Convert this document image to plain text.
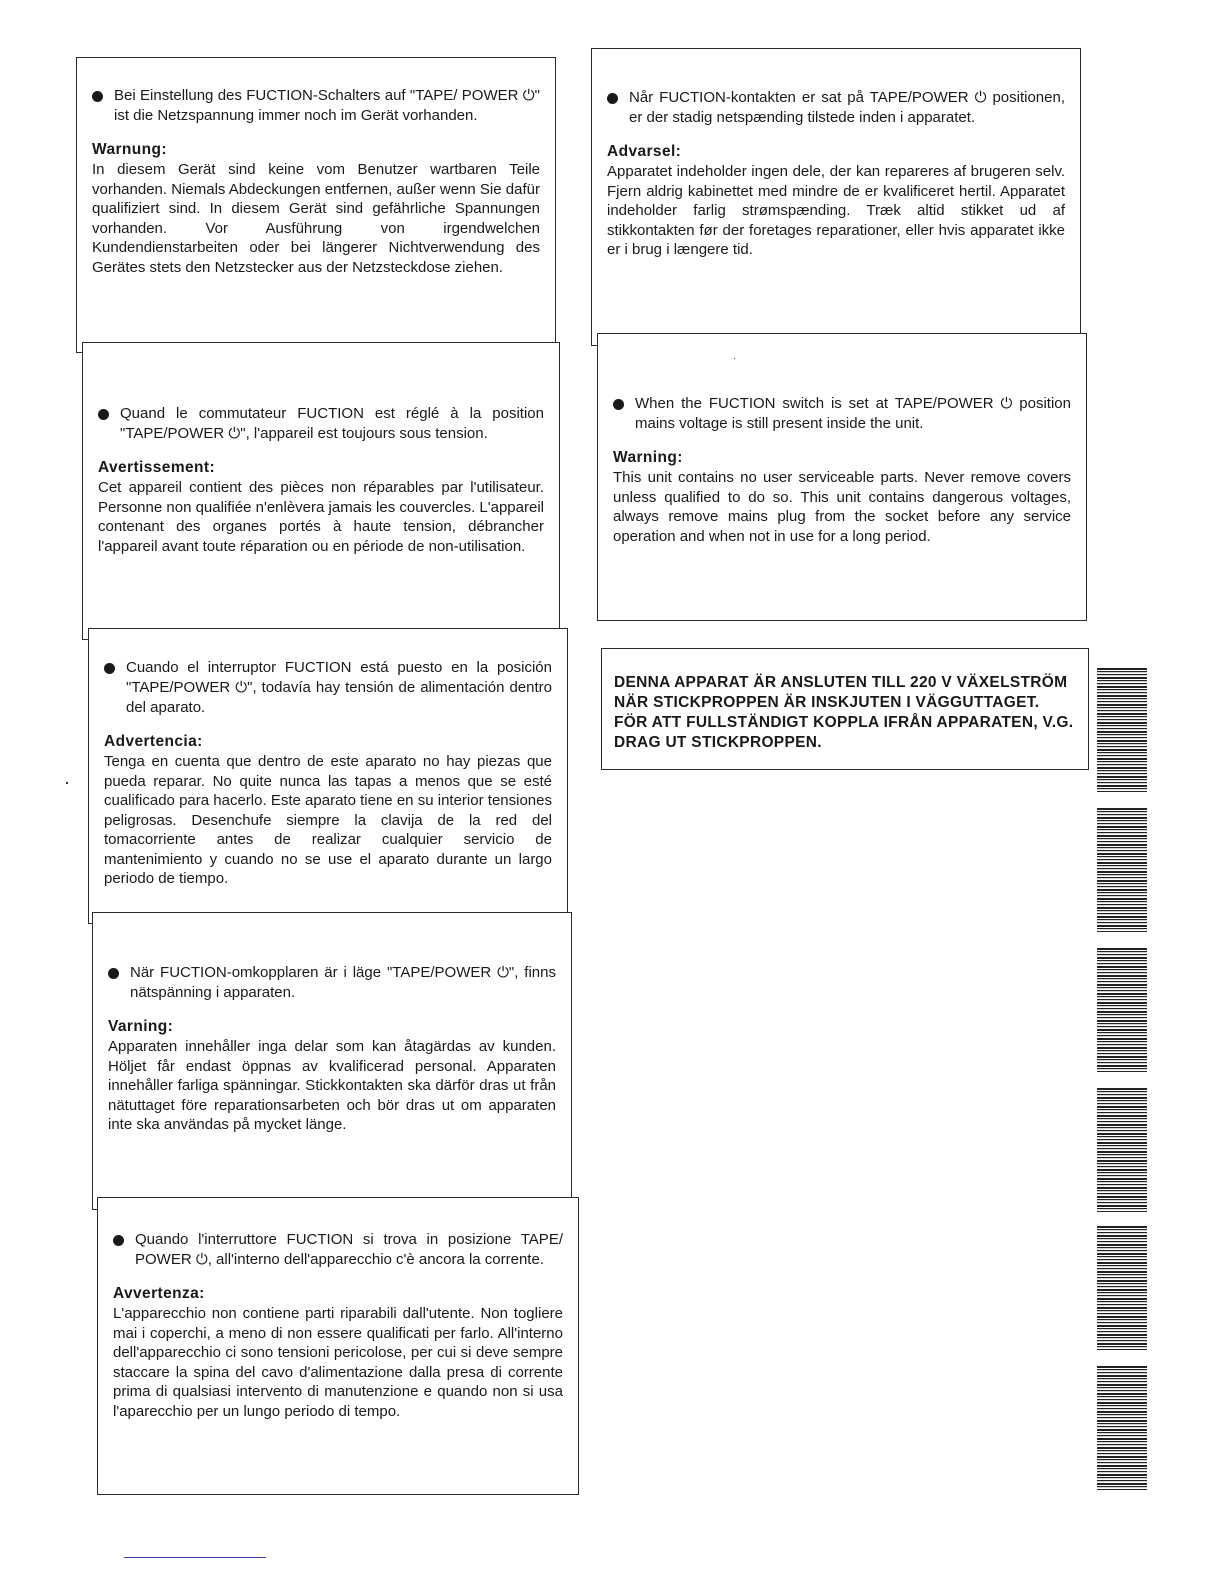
Bei Einstellung des FUCTION-Schalters auf "TAPE/ POWER ⏻" ist die Netzspannung immer noch im Gerät vorhanden.

Warnung:

In diesem Gerät sind keine vom Benutzer wartbaren Teile vorhanden. Niemals Abdeckungen entfernen, außer wenn Sie dafür qualifiziert sind. In diesem Gerät sind gefährliche Spannungen vorhanden. Vor Ausführung von irgendwelchen Kundendienstarbeiten oder bei längerer Nichtverwendung des Gerätes stets den Netzstecker aus der Netzsteckdose ziehen.

Quand le commutateur FUCTION est réglé à la position "TAPE/POWER ⏻", l'appareil est toujours sous tension.

Avertissement:

Cet appareil contient des pièces non réparables par l'utilisateur. Personne non qualifiée n'enlèvera jamais les couvercles. L'appareil contenant des organes portés à haute tension, débrancher l'appareil avant toute réparation ou en période de non-utilisation.

Cuando el interruptor FUCTION está puesto en la posición "TAPE/POWER ⏻", todavía hay tensión de alimentación dentro del aparato.

Advertencia:

Tenga en cuenta que dentro de este aparato no hay piezas que pueda reparar. No quite nunca las tapas a menos que se esté cualificado para hacerlo. Este aparato tiene en su interior tensiones peligrosas. Desenchufe siempre la clavija de la red del tomacorriente antes de realizar cualquier servicio de mantenimiento y cuando no se use el aparato durante un largo periodo de tiempo.

När FUCTION-omkopplaren är i läge "TAPE/POWER ⏻", finns nätspänning i apparaten.

Varning:

Apparaten innehåller inga delar som kan åtagärdas av kunden. Höljet får endast öppnas av kvalificerad personal. Apparaten innehåller farliga spänningar. Stickkontakten ska därför dras ut från nätuttaget före reparationsarbeten och bör dras ut om apparaten inte ska användas på mycket länge.

Quando l'interruttore FUCTION si trova in posizione TAPE/ POWER ⏻, all'interno dell'apparecchio c'è ancora la corrente.

Avvertenza:

L'apparecchio non contiene parti riparabili dall'utente. Non togliere mai i coperchi, a meno di non essere qualificati per farlo. All'interno dell'apparecchio ci sono tensioni pericolose, per cui si deve sempre staccare la spina del cavo d'alimentazione dalla presa di corrente prima di qualsiasi intervento di manutenzione e quando non si usa l'aparecchio per un lungo periodo di tempo.

Når FUCTION-kontakten er sat på TAPE/POWER ⏻ positionen, er der stadig netspænding tilstede inden i apparatet.

Advarsel:

Apparatet indeholder ingen dele, der kan repareres af brugeren selv. Fjern aldrig kabinettet med mindre de er kvalificeret hertil. Apparatet indeholder farlig strømspænding. Træk altid stikket ud af stikkontakten før der foretages reparationer, eller hvis apparatet ikke er i brug i længere tid.

When the FUCTION switch is set at TAPE/POWER ⏻ position mains voltage is still present inside the unit.

Warning:

This unit contains no user serviceable parts. Never remove covers unless qualified to do so. This unit contains dangerous voltages, always remove mains plug from the socket before any service operation and when not in use for a long period.

DENNA APPARAT ÄR ANSLUTEN TILL 220 V VÄXELSTRÖM NÄR STICKPROPPEN ÄR INSKJUTEN I VÄGGUTTAGET. FÖR ATT FULLSTÄNDIGT KOPPLA IFRÅN APPARATEN, V.G. DRAG UT STICKPROPPEN.
